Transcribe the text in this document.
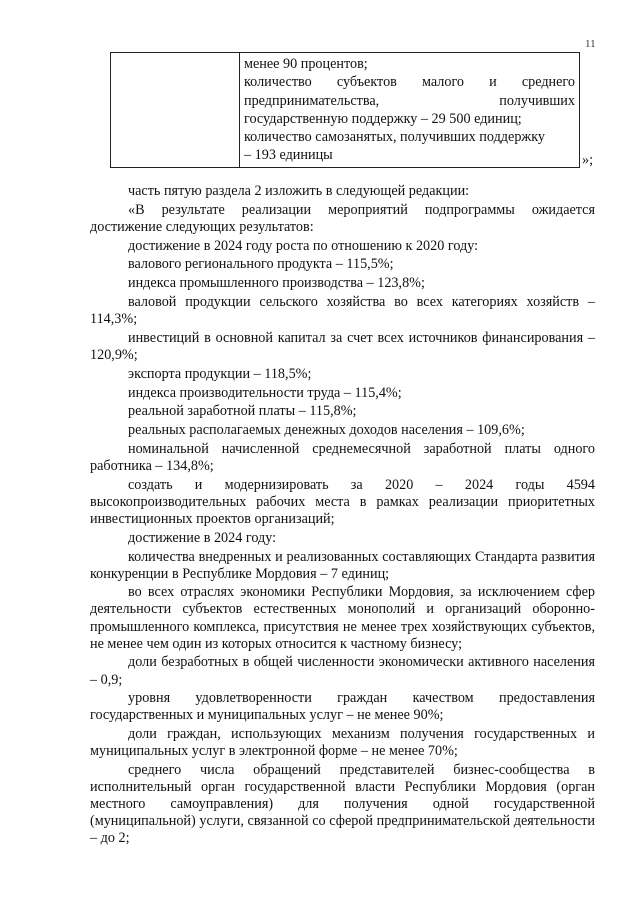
11

менее 90 процентов;
количество субъектов малого и среднего
предпринимательства, получивших
государственную поддержку – 29 500 единиц;
количество самозанятых, получивших поддержку
– 193 единицы	»;

часть пятую раздела 2 изложить в следующей редакции:

«В результате реализации мероприятий подпрограммы ожидается достижение следующих результатов:

достижение в 2024 году роста по отношению к 2020 году:

валового регионального продукта – 115,5%;

индекса промышленного производства – 123,8%;

валовой продукции сельского хозяйства во всех категориях хозяйств – 114,3%;

инвестиций в основной капитал за счет всех источников финансирования – 120,9%;

экспорта продукции – 118,5%;

индекса производительности труда – 115,4%;

реальной заработной платы – 115,8%;

реальных располагаемых денежных доходов населения – 109,6%;

номинальной начисленной среднемесячной заработной платы одного работника – 134,8%;

создать и модернизировать за 2020 – 2024 годы 4594 высокопроизводительных рабочих места в рамках реализации приоритетных инвестиционных проектов организаций;

достижение в 2024 году:

количества внедренных и реализованных составляющих Стандарта развития конкуренции в Республике Мордовия – 7 единиц;

во всех отраслях экономики Республики Мордовия, за исключением сфер деятельности субъектов естественных монополий и организаций оборонно-промышленного комплекса, присутствия не менее трех хозяйствующих субъектов, не менее чем один из которых относится к частному бизнесу;

доли безработных в общей численности экономически активного населения – 0,9;

уровня удовлетворенности граждан качеством предоставления государственных и муниципальных услуг – не менее 90%;

доли граждан, использующих механизм получения государственных и муниципальных услуг в электронной форме – не менее 70%;

среднего числа обращений представителей бизнес-сообщества в исполнительный орган государственной власти Республики Мордовия (орган местного самоуправления) для получения одной государственной (муниципальной) услуги, связанной со сферой предпринимательской деятельности – до 2;
